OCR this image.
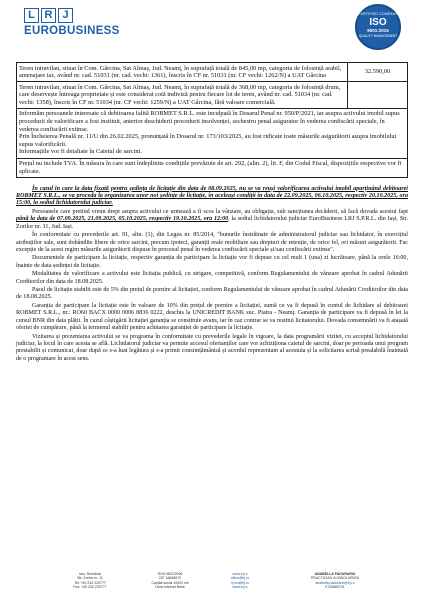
L R J
EUROBUSINESS
CERTIFIED COMPANY
ISO
9001:2015
QUALITY MANAGEMENT
Teren intravilan, situat în Com. Gârcina, Sat Almaș, Jud. Neamț, în suprafață totală de 845,00 mp, categoria de folosință arabil, amenajare iaz, având nr. cad. 51031 (nr. cad. vechi: 1361), înscris în CF nr. 51031 (nr. CF vechi: 1262/N) a UAT Gârcina	32.590,00
Teren intravilan, situat în Com. Gârcina, Sat Almaș, Jud. Neamț, în suprafață totală de 368,00 mp, categoria de folosință drum, care deservește întreaga proprietate și este considerat cotă indiviză pentru fiecare lot de teren, având nr. cad. 51034 (nr. cad. vechi: 1358), înscris în CF nr. 51034 (nr. CF vechi: 1259/N) a UAT Gârcina, fără valoare comercială.	

Informăm persoanele interesate că debitoarea falită ROBMET S.R.L. este inculpată în Dosarul Penal nr. 950/P/2021, iar asupra activului imobil supus procedurii de valorificare a fost instituit, anterior deschiderii procedurii insolvenței, sechestru penal asigurator în vederea confiscării speciale, în vederea confiscării extinse.
Prin Încheierea Penală nr. 11/U din 26.02.2025, pronunțată în Dosarul nr. 173/103/2025, au fost ridicate toate măsurile asigurătorii asupra imobilului supus valorificării.
Informațiile vor fi detaliate în Caietul de sarcini.	

Prețul nu include TVA. În măsura în care sunt îndeplinite condițiile prevăzute de art. 292, (alin. 2), lit. F, din Codul Fiscal, dispozițiile respective vor fi aplicate.	

În cazul în care la data fixată pentru ședința de licitație din data de 08.09.2025, nu se va reuși valorificarea activului imobil aparținând debitoarei ROBMET S.R.L., se va proceda la organizarea unor noi ședințe de licitație, în aceleași condiții în data de 22.09.2025, 06.10.2025, respectiv 20.10.2025, ora 15:00, la sediul lichidatorului judiciar.

Persoanele care pretind vreun drept asupra activului ce urmează a fi scos la vânzare, au obligația, sub sancțiunea decăderii, să facă dovada acestui fapt până la data de 07.09.2025, 21.09.2025, 05.10.2025, respectiv 19.10.2025, ora 12:00, la sediul lichidatorului judiciar EuroBusiness LRJ S.P.R.L. din Iași, Str. Zorilor nr. 11, Jud. Iași.

În conformitate cu prevederile art. 91, alin. (1), din Legea nr. 85/2014, "bunurile înstrăinate de administratorul judiciar sau lichidator, în exercițiul atribuțiilor sale, sunt dobândite libere de orice sarcini, precum ipoteci, garanții reale mobiliare sau drepturi de retenție, de orice fel, ori măsuri asigurătorii. Fac excepție de la acest regim măsurile asigurătorii dispuse în procesul penal în vederea confiscării speciale și/sau confiscării extinse".

Documentele de participare la licitație, respectiv garanția de participare la licitație vor fi depuse cu cel mult 1 (una) zi lucrătoare, până la orele 16:00, înainte de data ședinței de licitație.

Modalitatea de valorificare a activului este licitația publică, cu strigare, competitivă, conform Regulamentului de vânzare aprobat în cadrul Adunării Creditorilor din data de 18.08.2025.

Pasul de licitație stabilit este de 5% din prețul de pornire al licitației, conform Regulamentului de vânzare aprobat în cadrul Adunării Creditorilor din data de 18.08.2025.

Garanția de participare la licitație este în valoare de 10% din prețul de pornire a licitației, sumă ce va fi depusă în contul de lichidare al debitoarei ROBMET S.R.L., nr.: RO60 BACX 0000 0006 8836 0222, deschis la UNICREDIT BANK suc. Piatra - Neamț. Garanția de participare va fi depusă în lei la cursul BNR din data plății. În cazul câștigării licitației garanția se constituie avans, iar în caz contrar se va restitui licitatorului. Dovada consemnării va fi atașată ofertei de cumpărare, până la termenul stabilit pentru achitarea garanției de participare la licitație.

Vizitarea și prezentarea activului se va programa în conformitate cu prevederile legale în vigoare, la data programării vizitei, cu acceptul lichidatorului judiciar, la locul în care acesta se află. Lichidatorul judiciar va permite accesul ofertanților care vor achiziționa caietul de sarcini, doar pe perioada unui program prestabilit și comunicat, doar după ce s-a luat legătura și s-a primit consimțământul și acordul reprezentant al acestuia și la solicitarea scrisă prealabilă înaintată de o programare în acest sens.

Iași, România
Str. Zorilor nr. 11
Tel: +40 232 220777
Fax: +40 232 220777
RO9 0822/2006
CIF 16668670
Capital social 10000 mii
Libra Internet Bank
www.lrj.ro
office@lrj.ro
lrj.eu@lrj.ro
www.lrj.ro
ANABELLA PADURARIU
PRACTICIAN IN INSOLVENTA
anabella.padurariu@lrj.ro
0733665701
